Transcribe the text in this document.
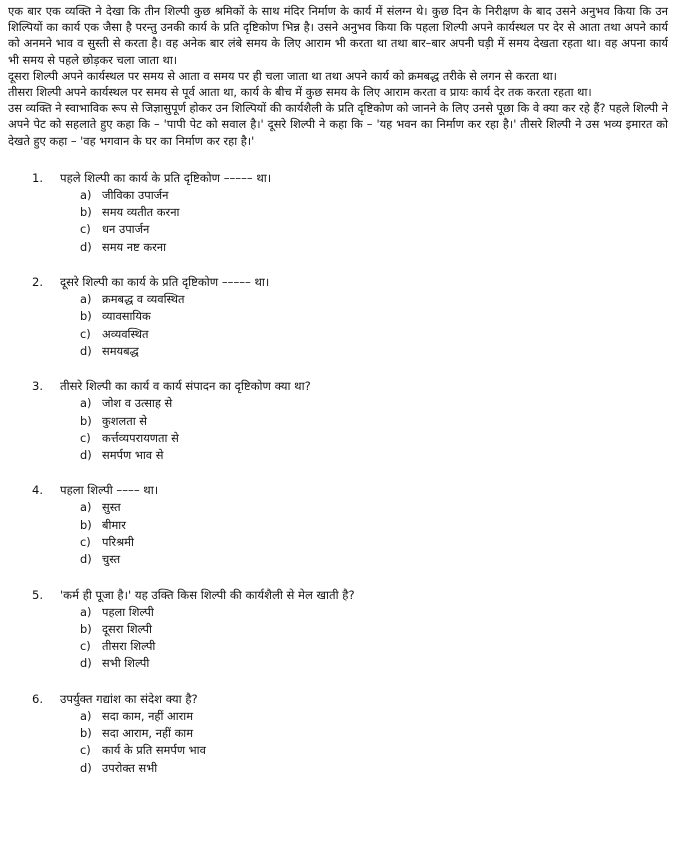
एक बार एक व्यक्ति ने देखा कि तीन शिल्पी कुछ श्रमिकों के साथ मंदिर निर्माण के कार्य में संलग्न थे। कुछ दिन के निरीक्षण के बाद उसने अनुभव किया कि उन शिल्पियों का कार्य एक जैसा है परन्तु उनकी कार्य के प्रति दृष्टिकोण भिन्न है। उसने अनुभव किया कि पहला शिल्पी अपने कार्यस्थल पर देर से आता तथा अपने कार्य को अनमने भाव व सुस्ती से करता है। वह अनेक बार लंबे समय के लिए आराम भी करता था तथा बार–बार अपनी घड़ी में समय देखता रहता था। वह अपना कार्य भी समय से पहले छोड़कर चला जाता था।

दूसरा शिल्पी अपने कार्यस्थल पर समय से आता व समय पर ही चला जाता था तथा अपने कार्य को क्रमबद्ध तरीके से लगन से करता था।

तीसरा शिल्पी अपने कार्यस्थल पर समय से पूर्व आता था, कार्य के बीच में कुछ समय के लिए आराम करता व प्रायः कार्य देर तक करता रहता था।

उस व्यक्ति ने स्वाभाविक रूप से जिज्ञासुपूर्ण होकर उन शिल्पियों की कार्यशैली के प्रति दृष्टिकोण को जानने के लिए उनसे पूछा कि वे क्या कर रहे हैं? पहले शिल्पी ने अपने पेट को सहलाते हुए कहा कि – 'पापी पेट को सवाल है।' दूसरे शिल्पी ने कहा कि – 'यह भवन का निर्माण कर रहा है।' तीसरे शिल्पी ने उस भव्य इमारत को देखते हुए कहा – 'वह भगवान के घर का निर्माण कर रहा है।'

1.	पहले शिल्पी का कार्य के प्रति दृष्टिकोण ––––– था।
a) जीविका उपार्जन
b) समय व्यतीत करना
c) धन उपार्जन
d) समय नष्ट करना
2.	दूसरे शिल्पी का कार्य के प्रति दृष्टिकोण ––––– था।
a) क्रमबद्ध व व्यवस्थित
b) व्यावसायिक
c) अव्यवस्थित
d) समयबद्ध
3.	तीसरे शिल्पी का कार्य व कार्य संपादन का दृष्टिकोण क्या था?
a) जोश व उत्साह से
b) कुशलता से
c) कर्त्तव्यपरायणता से
d) समर्पण भाव से
4.	पहला शिल्पी –––– था।
a) सुस्त
b) बीमार
c) परिश्रमी
d) चुस्त
5.	'कर्म ही पूजा है।' यह उक्ति किस शिल्पी की कार्यशैली से मेल खाती है?
a) पहला शिल्पी
b) दूसरा शिल्पी
c) तीसरा शिल्पी
d) सभी शिल्पी
6.	उपर्युक्त गद्यांश का संदेश क्या है?
a) सदा काम, नहीं आराम
b) सदा आराम, नहीं काम
c) कार्य के प्रति समर्पण भाव
d) उपरोक्त सभी
